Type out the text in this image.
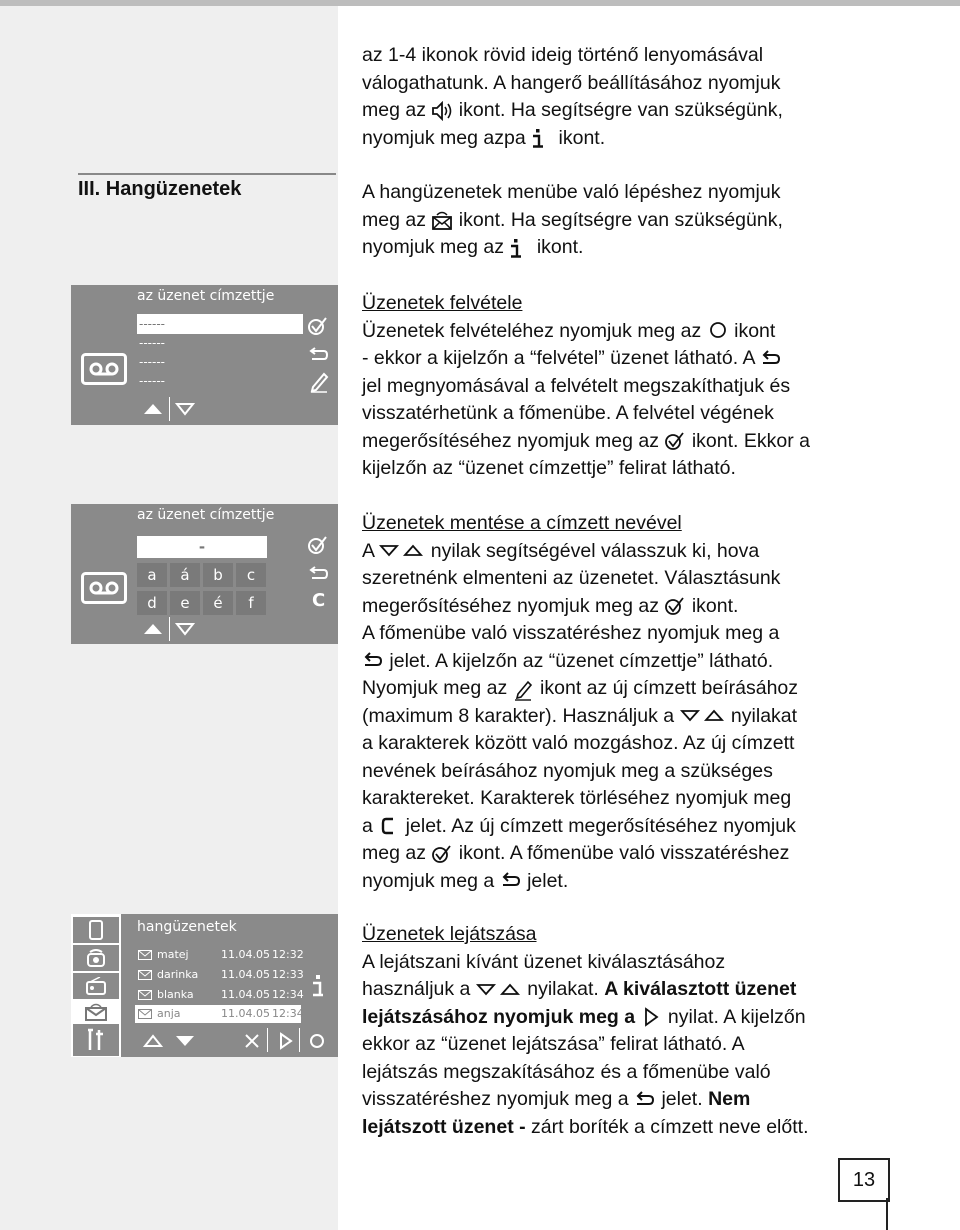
III. Hangüzenetek
az üzenet címzettje
------
------
------
------
az üzenet címzettje
-
a	á	b	c
d	e	é	f	C
hangüzenetek
matej	11.04.05 12:32
darinka 11.04.05 12:33
blanka 11.04.05 12:34
anja	11.04.05 12:34

az 1-4 ikonok rövid ideig történő lenyomásával
válogathatunk. A hangerő beállításához nyomjuk
meg az
ikont. Ha segítségre van szükségünk,
nyomjuk meg azpa
ikont.

A hangüzenetek menübe való lépéshez nyomjuk
meg az
ikont. Ha segítségre van szükségünk,
nyomjuk meg az
ikont.

Üzenetek felvétele
Üzenetek felvételéhez nyomjuk meg az
ikont
- ekkor a kijelzőn a “felvétel” üzenet látható. A

jel megnyomásával a felvételt megszakíthatjuk és
visszatérhetünk a főmenübe. A felvétel végének
megerősítéséhez nyomjuk meg az
ikont. Ekkor a
kijelzőn az “üzenet címzettje” felirat látható.

Üzenetek mentése a címzett nevével
A
nyilak segítségével válasszuk ki, hova
szeretnénk elmenteni az üzenetet. Választásunk
megerősítéséhez nyomjuk meg az
ikont.
A főmenübe való visszatéréshez nyomjuk meg a

jelet. A kijelzőn az “üzenet címzettje” látható.
Nyomjuk meg az
ikont az új címzett beírásához
(maximum 8 karakter). Használjuk a
nyilakat
a karakterek között való mozgáshoz. Az új címzett
nevének beírásához nyomjuk meg a szükséges
karaktereket. Karakterek törléséhez nyomjuk meg
a
jelet. Az új címzett megerősítéséhez nyomjuk
meg az
ikont. A főmenübe való visszatéréshez
nyomjuk meg a
jelet.

Üzenetek lejátszása
A lejátszani kívánt üzenet kiválasztásához
használjuk a
nyilakat. A kiválasztott üzenet
lejátszásához nyomjuk meg a
nyilat. A kijelzőn
ekkor az “üzenet lejátszása” felirat látható. A
lejátszás megszakításához és a főmenübe való
visszatéréshez nyomjuk meg a
jelet. Nem
lejátszott üzenet - zárt boríték a címzett neve előtt.

13
